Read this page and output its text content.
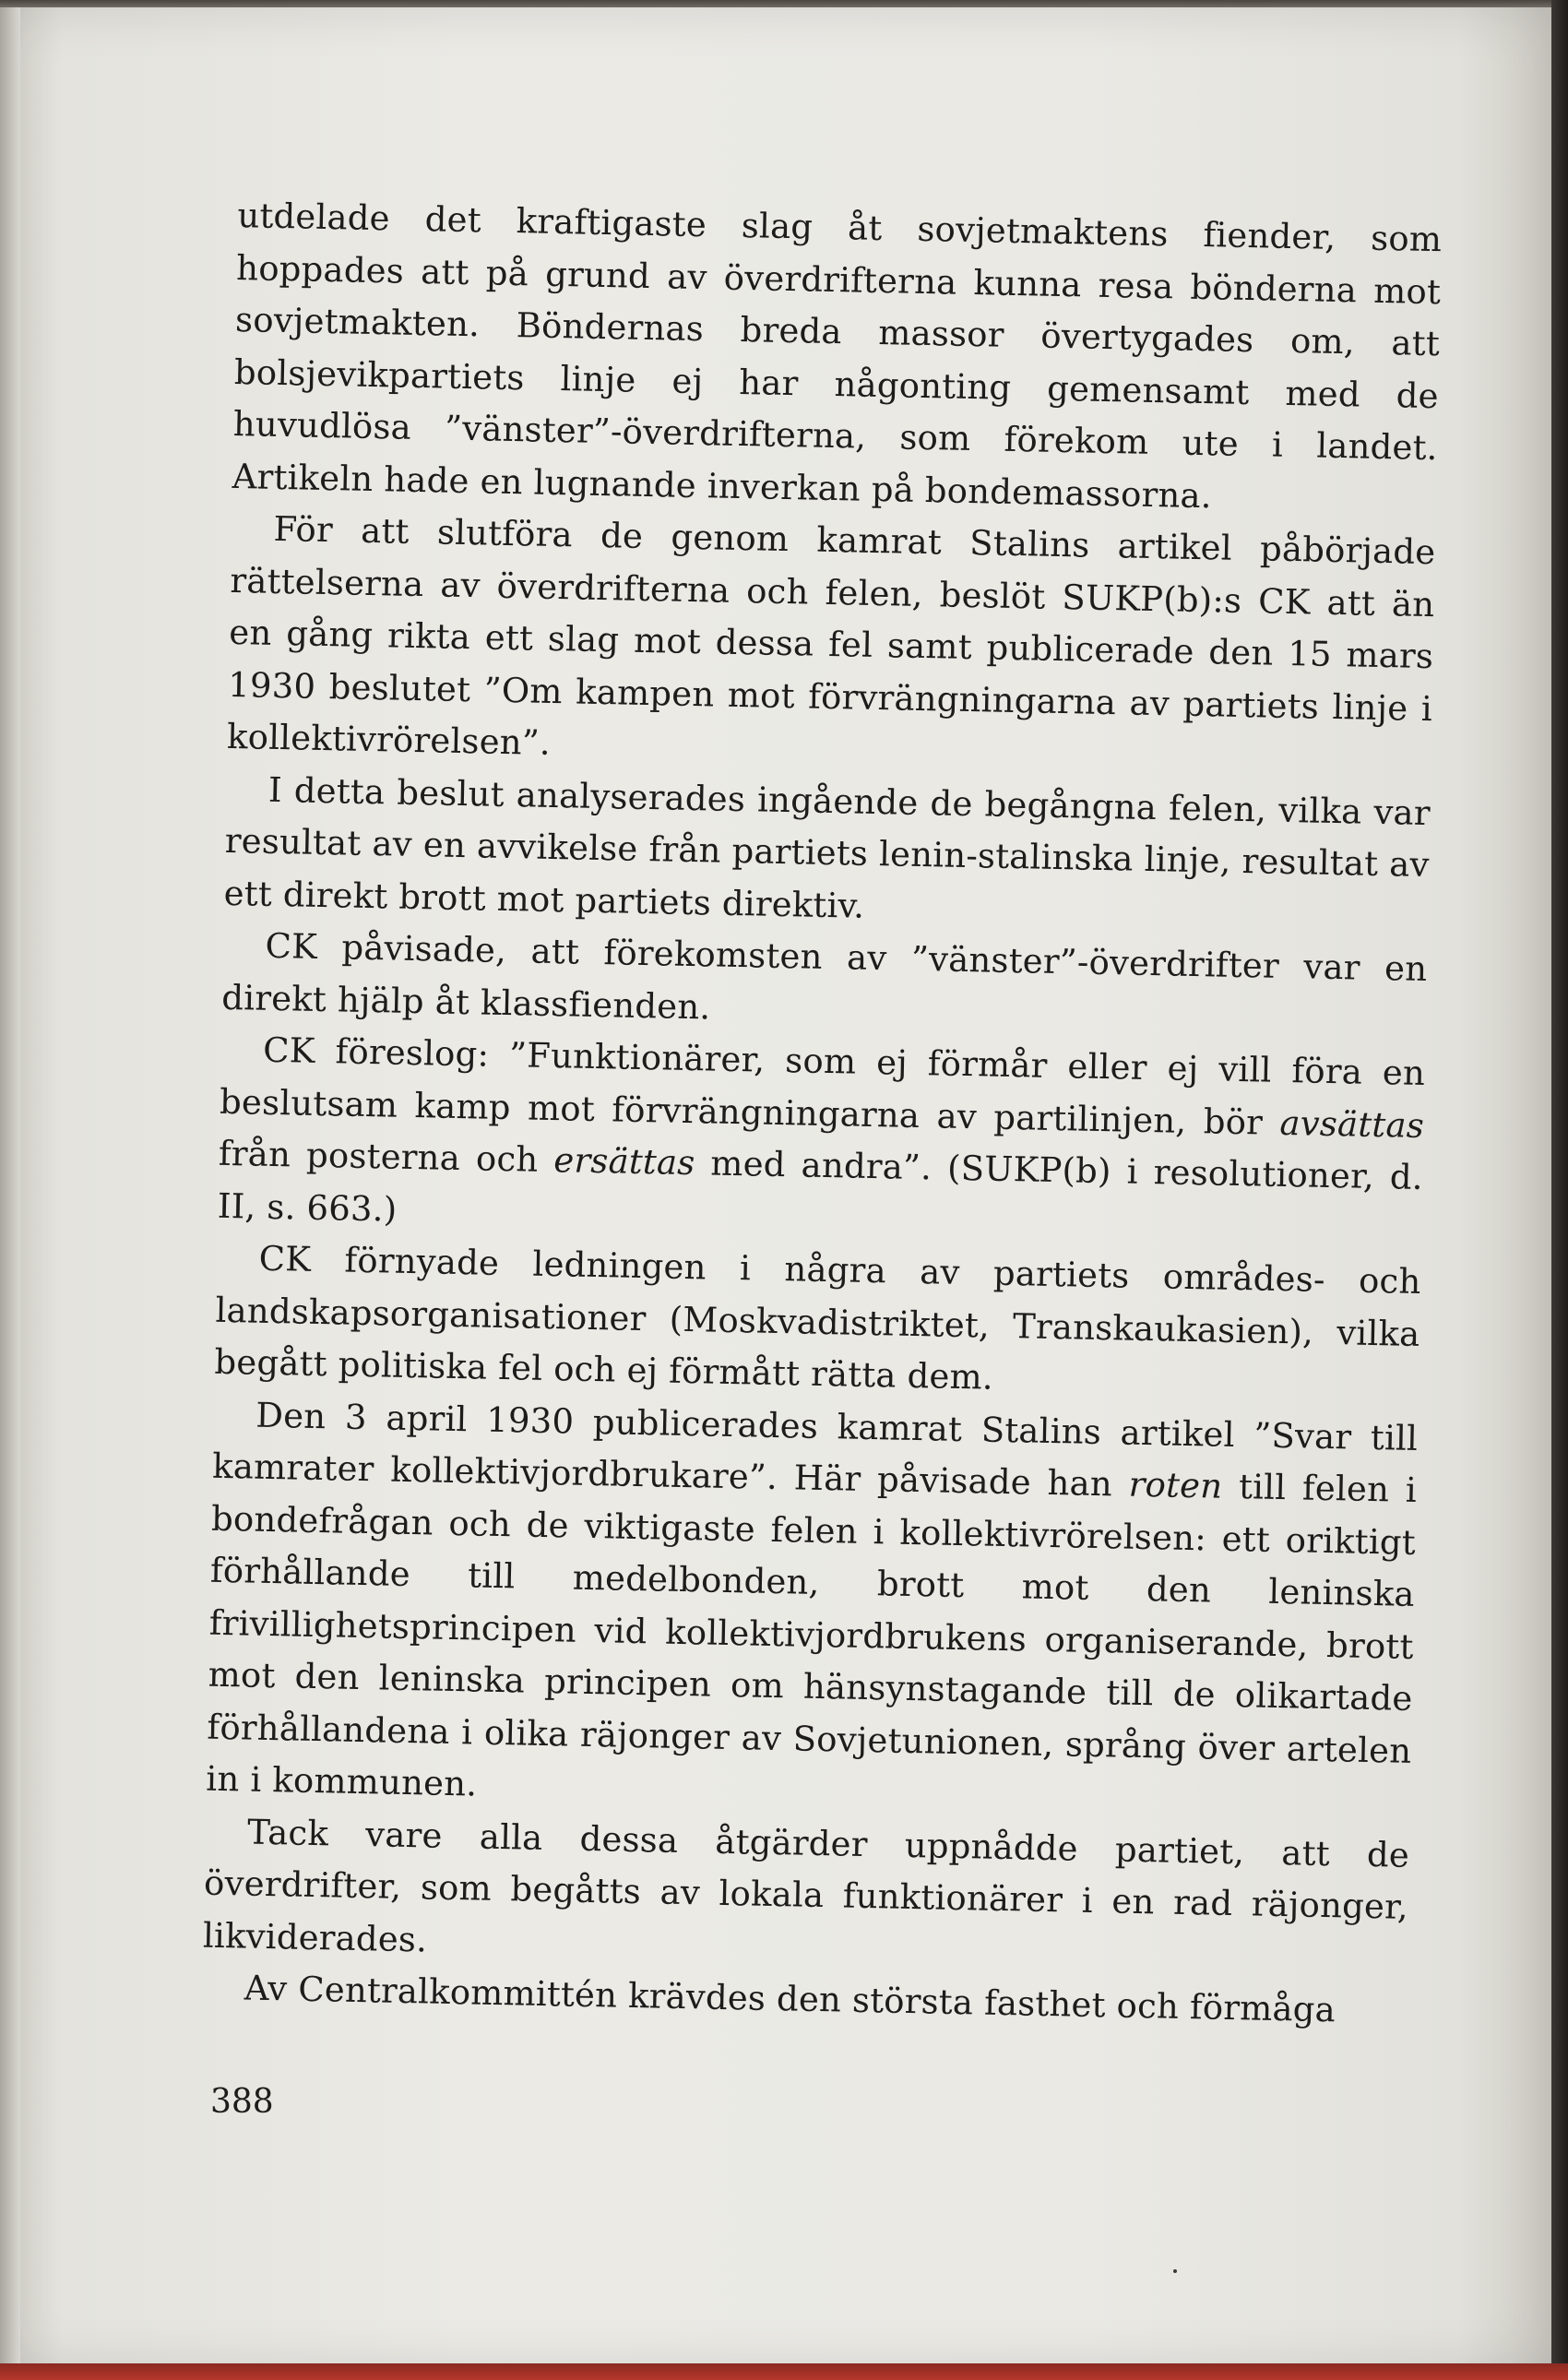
utdelade det kraftigaste slag åt sovjetmaktens fiender, som hoppades att på grund av överdrifterna kunna resa bönderna mot sovjetmakten. Böndernas breda massor övertygades om, att bolsjevikpartiets linje ej har någonting gemensamt med de huvudlösa ”vänster”-överdrifterna, som förekom ute i landet. Artikeln hade en lugnande inverkan på bondemassorna.

För att slutföra de genom kamrat Stalins artikel påbörjade rättelserna av överdrifterna och felen, beslöt SUKP(b):s CK att än en gång rikta ett slag mot dessa fel samt publicerade den 15 mars 1930 beslutet ”Om kampen mot förvrängningarna av partiets linje i kollektivrörelsen”.

I detta beslut analyserades ingående de begångna felen, vilka var resultat av en avvikelse från partiets lenin-stalinska linje, resultat av ett direkt brott mot partiets direktiv.

CK påvisade, att förekomsten av ”vänster”-överdrifter var en direkt hjälp åt klassfienden.

CK föreslog: ”Funktionärer, som ej förmår eller ej vill föra en beslutsam kamp mot förvrängningarna av partilinjen, bör avsättas från posterna och ersättas med andra”. (SUKP(b) i resolutioner, d. II, s. 663.)

CK förnyade ledningen i några av partiets områdes- och landskapsorganisationer (Moskvadistriktet, Transkaukasien), vilka begått politiska fel och ej förmått rätta dem.

Den 3 april 1930 publicerades kamrat Stalins artikel ”Svar till kamrater kollektivjordbrukare”. Här påvisade han roten till felen i bondefrågan och de viktigaste felen i kollektivrörelsen: ett oriktigt förhållande till medelbonden, brott mot den leninska frivillighetsprincipen vid kollektivjordbrukens organiserande, brott mot den leninska principen om hänsynstagande till de olikartade förhållandena i olika räjonger av Sovjetunionen, språng över artelen in i kommunen.

Tack vare alla dessa åtgärder uppnådde partiet, att de överdrifter, som begåtts av lokala funktionärer i en rad räjonger, likviderades.

Av Centralkommittén krävdes den största fasthet och förmåga

388
